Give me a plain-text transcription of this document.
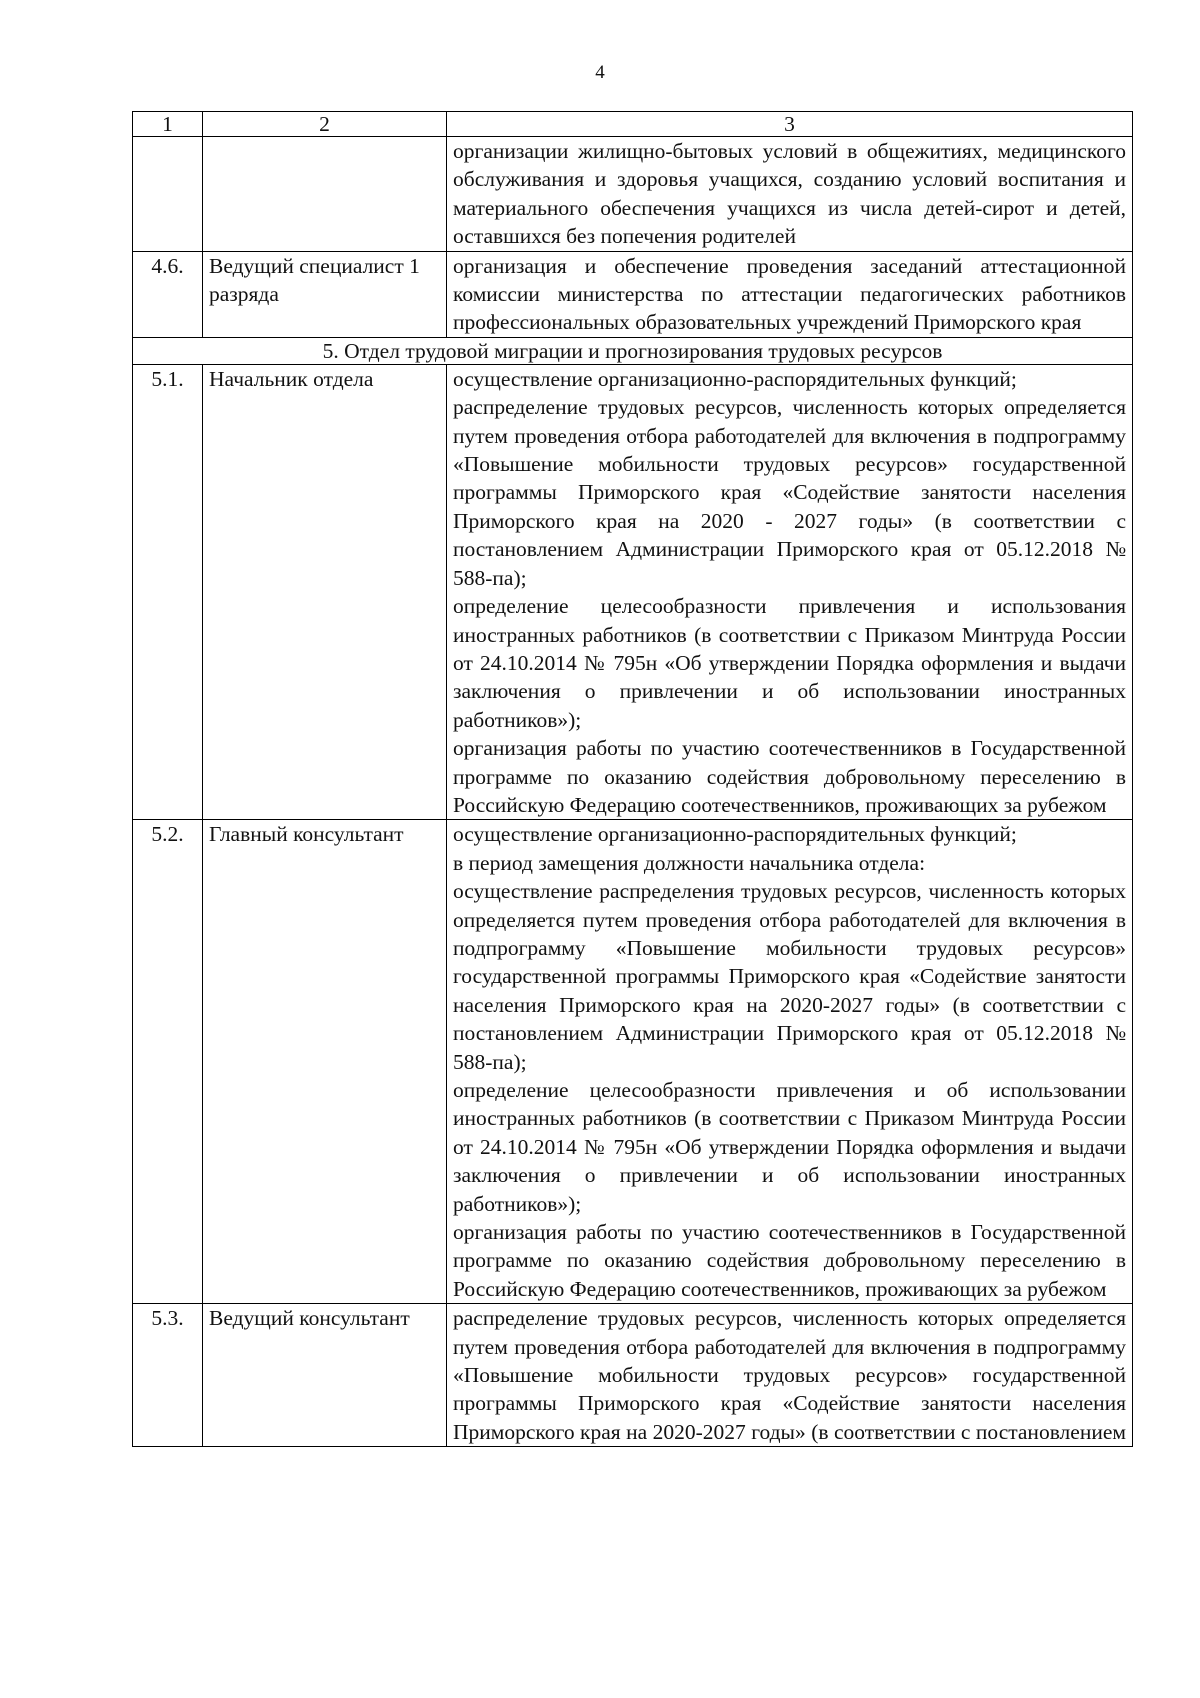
4
1	2	3

		организации жилищно-бытовых условий в общежитиях, медицинского обслуживания и здоровья учащихся, созданию условий воспитания и материального обеспечения учащихся из числа детей-сирот и детей, оставшихся без попечения родителей

4.6.	Ведущий специалист 1 разряда	организация и обеспечение проведения заседаний аттестационной комиссии министерства по аттестации педагогических работников профессиональных образовательных учреждений Приморского края

5. Отдел трудовой миграции и прогнозирования трудовых ресурсов		
5.1.	Начальник отдела	осуществление организационно-распорядительных функций;
распределение трудовых ресурсов, численность которых определяется путем проведения отбора работодателей для включения в подпрограмму «Повышение мобильности трудовых ресурсов» государственной программы Приморского края «Содействие занятости населения Приморского края на 2020 - 2027 годы» (в соответствии с постановлением Администрации Приморского края от 05.12.2018 № 588-па);
определение целесообразности привлечения и использования иностранных работников (в соответствии с Приказом Минтруда России от 24.10.2014 № 795н «Об утверждении Порядка оформления и выдачи заключения о привлечении и об использовании иностранных работников»);
организация работы по участию соотечественников в Государственной программе по оказанию содействия добровольному переселению в Российскую Федерацию соотечественников, проживающих за рубежом

5.2.	Главный консультант	осуществление организационно-распорядительных функций;
в период замещения должности начальника отдела:
осуществление распределения трудовых ресурсов, численность которых определяется путем проведения отбора работодателей для включения в подпрограмму «Повышение мобильности трудовых ресурсов» государственной программы Приморского края «Содействие занятости населения Приморского края на 2020-2027 годы» (в соответствии с постановлением Администрации Приморского края от 05.12.2018 № 588-па);
определение целесообразности привлечения и об использовании иностранных работников (в соответствии с Приказом Минтруда России от 24.10.2014 № 795н «Об утверждении Порядка оформления и выдачи заключения о привлечении и об использовании иностранных работников»);
организация работы по участию соотечественников в Государственной программе по оказанию содействия добровольному переселению в Российскую Федерацию соотечественников, проживающих за рубежом

5.3.	Ведущий консультант	распределение трудовых ресурсов, численность которых определяется путем проведения отбора работодателей для включения в подпрограмму «Повышение мобильности трудовых ресурсов» государственной программы Приморского края «Содействие занятости населения Приморского края на 2020-2027 годы» (в соответствии с постановлением
